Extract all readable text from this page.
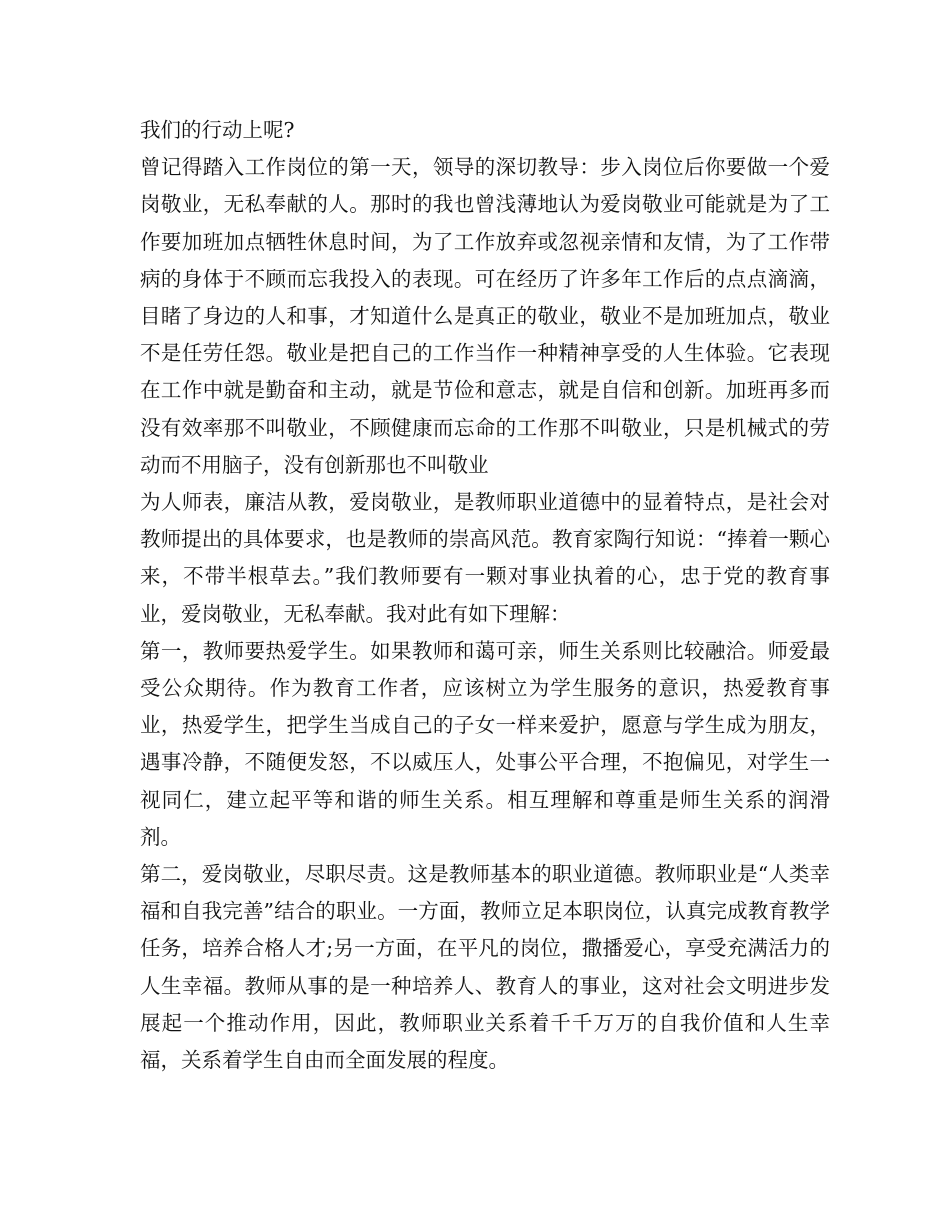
我们的行动上呢?

曾记得踏入工作岗位的第一天，领导的深切教导：步入岗位后你要做一个爱岗敬业，无私奉献的人。那时的我也曾浅薄地认为爱岗敬业可能就是为了工作要加班加点牺牲休息时间，为了工作放弃或忽视亲情和友情，为了工作带病的身体于不顾而忘我投入的表现。可在经历了许多年工作后的点点滴滴，目睹了身边的人和事，才知道什么是真正的敬业，敬业不是加班加点，敬业不是任劳任怨。敬业是把自己的工作当作一种精神享受的人生体验。它表现在工作中就是勤奋和主动，就是节俭和意志，就是自信和创新。加班再多而没有效率那不叫敬业，不顾健康而忘命的工作那不叫敬业，只是机械式的劳动而不用脑子，没有创新那也不叫敬业

为人师表，廉洁从教，爱岗敬业，是教师职业道德中的显着特点，是社会对教师提出的具体要求，也是教师的崇高风范。教育家陶行知说：“捧着一颗心来，不带半根草去。”我们教师要有一颗对事业执着的心，忠于党的教育事业，爱岗敬业，无私奉献。我对此有如下理解：

第一，教师要热爱学生。如果教师和蔼可亲，师生关系则比较融洽。师爱最受公众期待。作为教育工作者，应该树立为学生服务的意识，热爱教育事业，热爱学生，把学生当成自己的子女一样来爱护，愿意与学生成为朋友，遇事冷静，不随便发怒，不以威压人，处事公平合理，不抱偏见，对学生一视同仁，建立起平等和谐的师生关系。相互理解和尊重是师生关系的润滑剂。

第二，爱岗敬业，尽职尽责。这是教师基本的职业道德。教师职业是“人类幸福和自我完善”结合的职业。一方面，教师立足本职岗位，认真完成教育教学任务，培养合格人才;另一方面，在平凡的岗位，撒播爱心，享受充满活力的人生幸福。教师从事的是一种培养人、教育人的事业，这对社会文明进步发展起一个推动作用，因此，教师职业关系着千千万万的自我价值和人生幸福，关系着学生自由而全面发展的程度。
